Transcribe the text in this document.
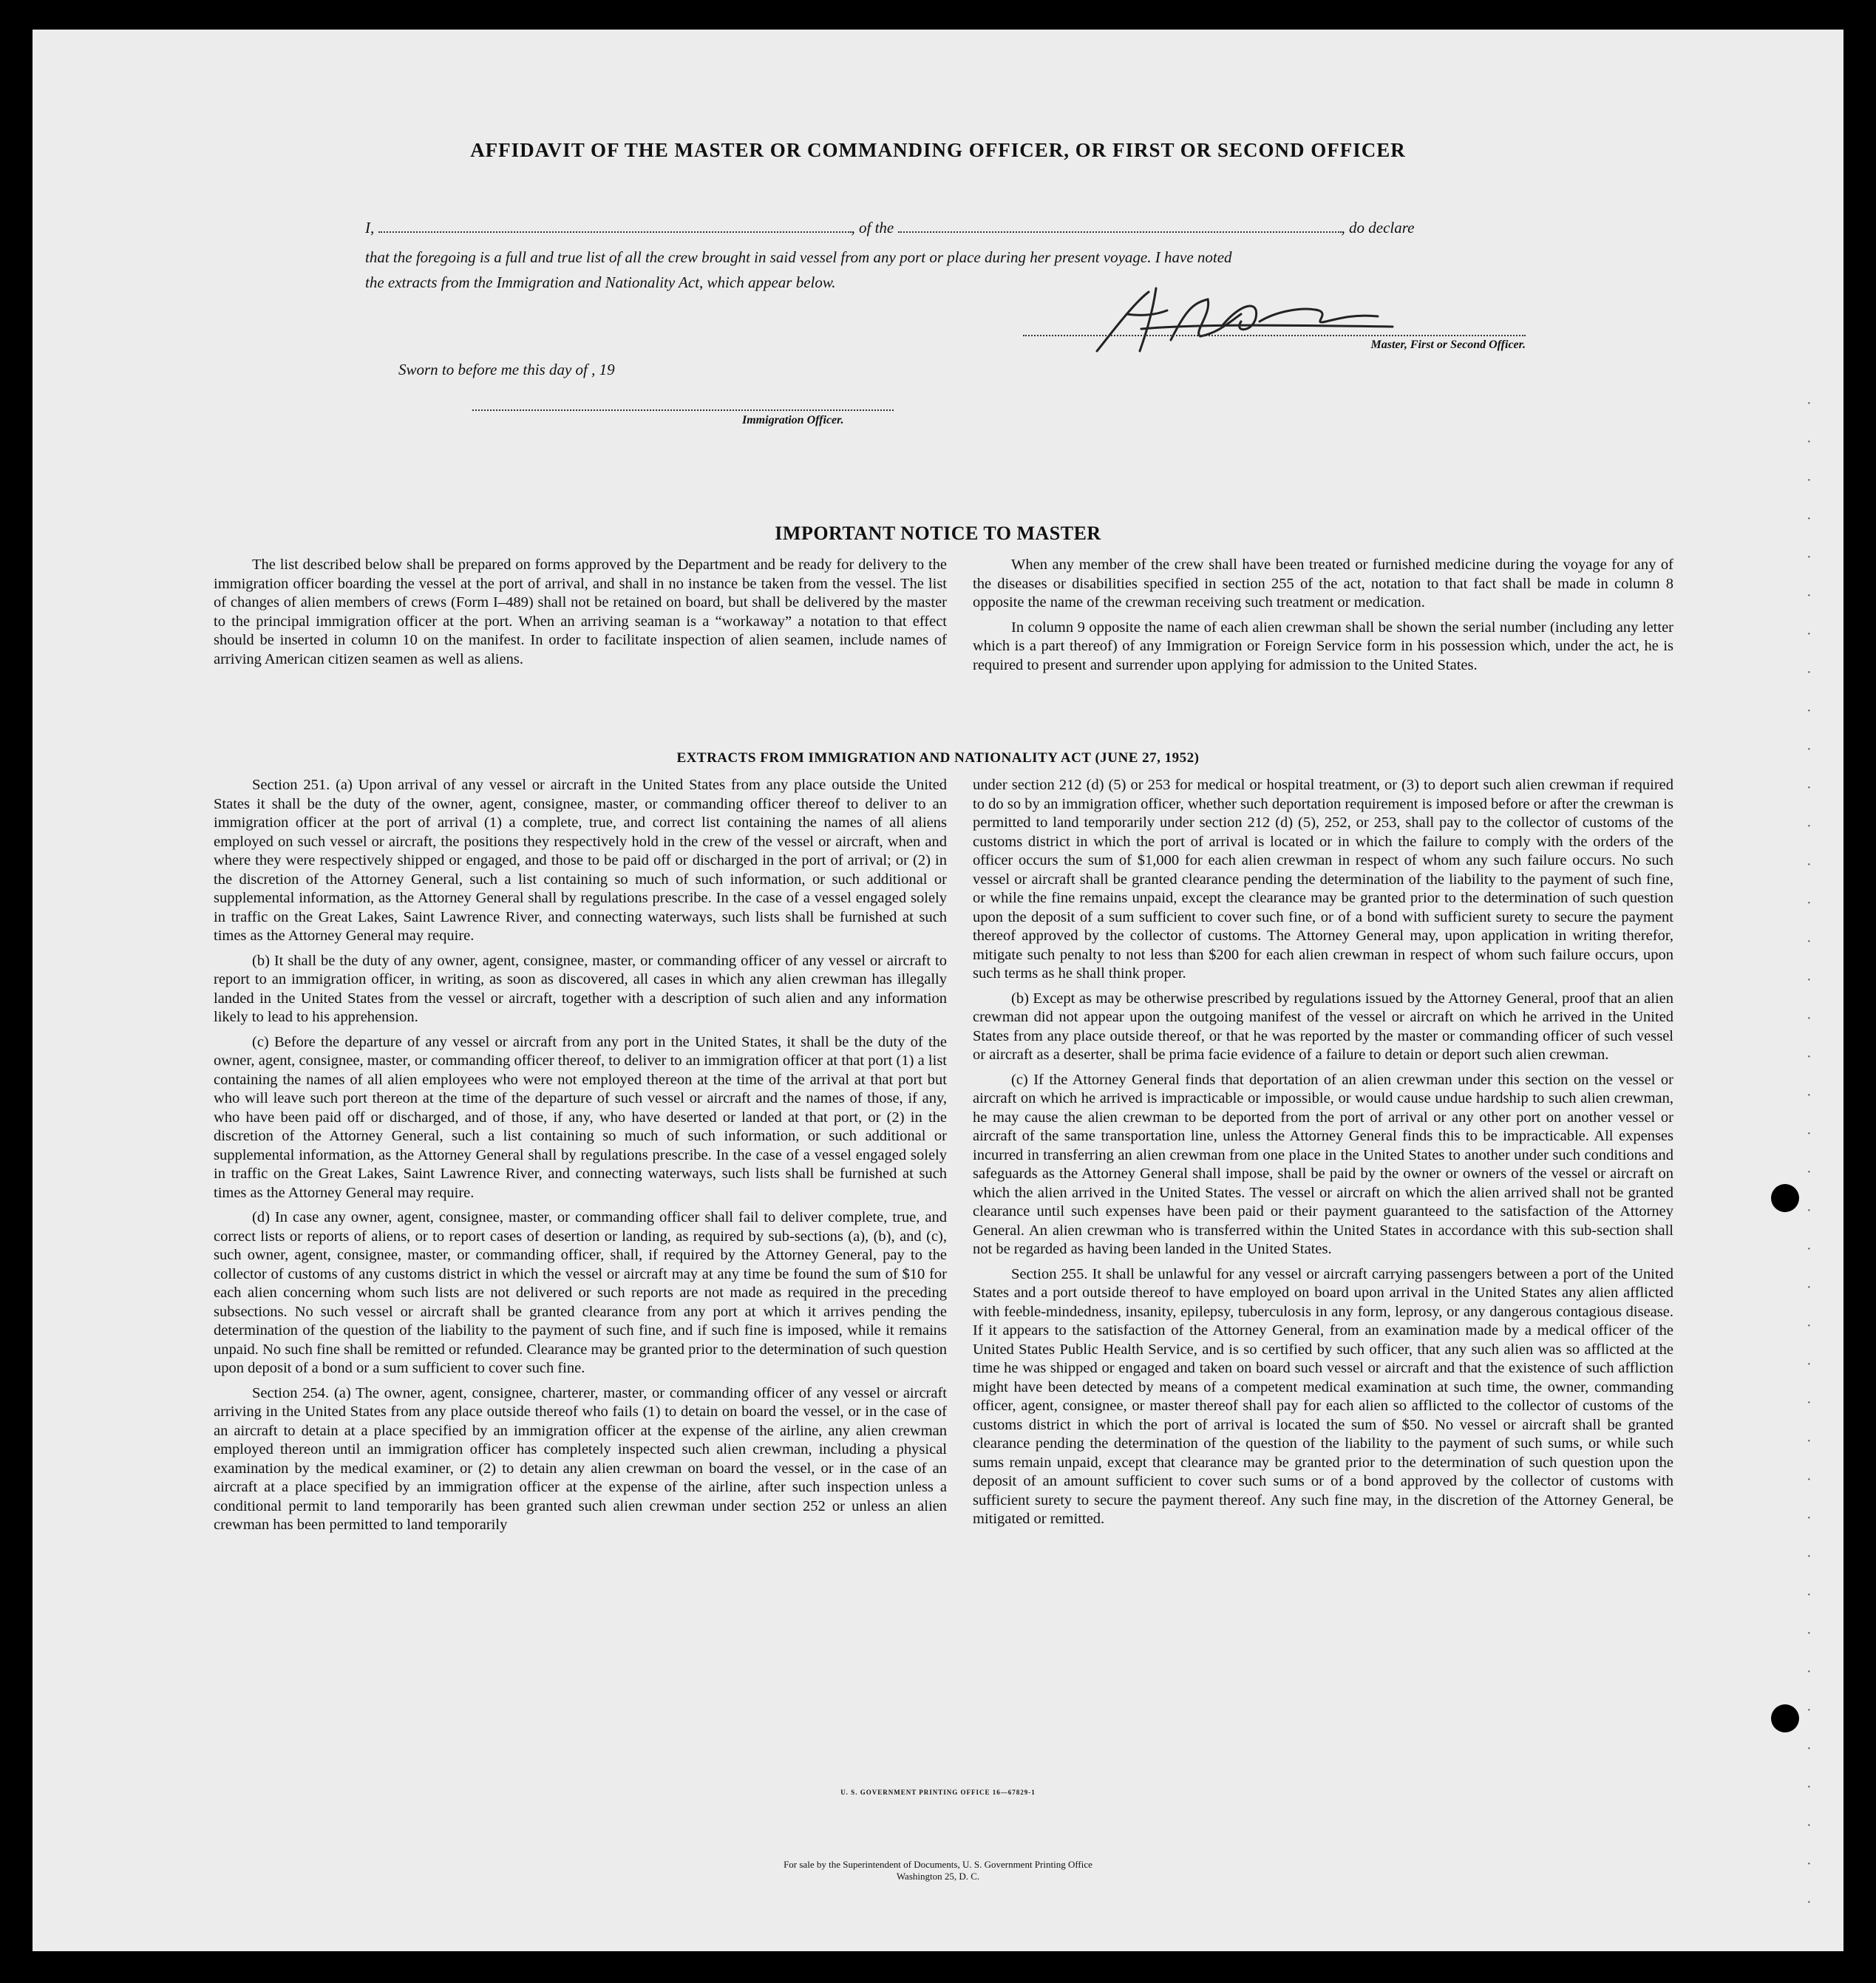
AFFIDAVIT OF THE MASTER OR COMMANDING OFFICER, OR FIRST OR SECOND OFFICER
I,	, of the	, do declare
that the foregoing is a full and true list of all the crew brought in said vessel from any port or place during her present voyage. I have noted
the extracts from the Immigration and Nationality Act, which appear below.
Master, First or Second Officer.
Sworn to before me this day of , 19
Immigration Officer.
IMPORTANT NOTICE TO MASTER

The list described below shall be prepared on forms approved by the Department and be ready for delivery to the immigration officer boarding the vessel at the port of arrival, and shall in no instance be taken from the vessel. The list of changes of alien members of crews (Form I–489) shall not be retained on board, but shall be delivered by the master to the principal immigration officer at the port. When an arriving seaman is a “workaway” a notation to that effect should be inserted in column 10 on the manifest. In order to facilitate inspection of alien seamen, include names of arriving American citizen seamen as well as aliens.

When any member of the crew shall have been treated or furnished medicine during the voyage for any of the diseases or disabilities specified in section 255 of the act, notation to that fact shall be made in column 8 opposite the name of the crewman receiving such treatment or medication.

In column 9 opposite the name of each alien crewman shall be shown the serial number (including any letter which is a part thereof) of any Immigration or Foreign Service form in his possession which, under the act, he is required to present and surrender upon applying for admission to the United States.

EXTRACTS FROM IMMIGRATION AND NATIONALITY ACT (JUNE 27, 1952)

Section 251. (a) Upon arrival of any vessel or aircraft in the United States from any place outside the United States it shall be the duty of the owner, agent, consignee, master, or commanding officer thereof to deliver to an immigration officer at the port of arrival (1) a complete, true, and correct list containing the names of all aliens employed on such vessel or aircraft, the positions they respectively hold in the crew of the vessel or aircraft, when and where they were respectively shipped or engaged, and those to be paid off or discharged in the port of arrival; or (2) in the discretion of the Attorney General, such a list containing so much of such information, or such additional or supplemental information, as the Attorney General shall by regulations prescribe. In the case of a vessel engaged solely in traffic on the Great Lakes, Saint Lawrence River, and connecting waterways, such lists shall be furnished at such times as the Attorney General may require.

(b) It shall be the duty of any owner, agent, consignee, master, or commanding officer of any vessel or aircraft to report to an immigration officer, in writing, as soon as discovered, all cases in which any alien crewman has illegally landed in the United States from the vessel or aircraft, together with a description of such alien and any information likely to lead to his apprehension.

(c) Before the departure of any vessel or aircraft from any port in the United States, it shall be the duty of the owner, agent, consignee, master, or commanding officer thereof, to deliver to an immigration officer at that port (1) a list containing the names of all alien employees who were not employed thereon at the time of the arrival at that port but who will leave such port thereon at the time of the departure of such vessel or aircraft and the names of those, if any, who have been paid off or discharged, and of those, if any, who have deserted or landed at that port, or (2) in the discretion of the Attorney General, such a list containing so much of such information, or such additional or supplemental information, as the Attorney General shall by regulations prescribe. In the case of a vessel engaged solely in traffic on the Great Lakes, Saint Lawrence River, and connecting waterways, such lists shall be furnished at such times as the Attorney General may require.

(d) In case any owner, agent, consignee, master, or commanding officer shall fail to deliver complete, true, and correct lists or reports of aliens, or to report cases of desertion or landing, as required by sub-sections (a), (b), and (c), such owner, agent, consignee, master, or commanding officer, shall, if required by the Attorney General, pay to the collector of customs of any customs district in which the vessel or aircraft may at any time be found the sum of $10 for each alien concerning whom such lists are not delivered or such reports are not made as required in the preceding subsections. No such vessel or aircraft shall be granted clearance from any port at which it arrives pending the determination of the question of the liability to the payment of such fine, and if such fine is imposed, while it remains unpaid. No such fine shall be remitted or refunded. Clearance may be granted prior to the determination of such question upon deposit of a bond or a sum sufficient to cover such fine.

Section 254. (a) The owner, agent, consignee, charterer, master, or commanding officer of any vessel or aircraft arriving in the United States from any place outside thereof who fails (1) to detain on board the vessel, or in the case of an aircraft to detain at a place specified by an immigration officer at the expense of the airline, any alien crewman employed thereon until an immigration officer has completely inspected such alien crewman, including a physical examination by the medical examiner, or (2) to detain any alien crewman on board the vessel, or in the case of an aircraft at a place specified by an immigration officer at the expense of the airline, after such inspection unless a conditional permit to land temporarily has been granted such alien crewman under section 252 or unless an alien crewman has been permitted to land temporarily

under section 212 (d) (5) or 253 for medical or hospital treatment, or (3) to deport such alien crewman if required to do so by an immigration officer, whether such deportation requirement is imposed before or after the crewman is permitted to land temporarily under section 212 (d) (5), 252, or 253, shall pay to the collector of customs of the customs district in which the port of arrival is located or in which the failure to comply with the orders of the officer occurs the sum of $1,000 for each alien crewman in respect of whom any such failure occurs. No such vessel or aircraft shall be granted clearance pending the determination of the liability to the payment of such fine, or while the fine remains unpaid, except the clearance may be granted prior to the determination of such question upon the deposit of a sum sufficient to cover such fine, or of a bond with sufficient surety to secure the payment thereof approved by the collector of customs. The Attorney General may, upon application in writing therefor, mitigate such penalty to not less than $200 for each alien crewman in respect of whom such failure occurs, upon such terms as he shall think proper.

(b) Except as may be otherwise prescribed by regulations issued by the Attorney General, proof that an alien crewman did not appear upon the outgoing manifest of the vessel or aircraft on which he arrived in the United States from any place outside thereof, or that he was reported by the master or commanding officer of such vessel or aircraft as a deserter, shall be prima facie evidence of a failure to detain or deport such alien crewman.

(c) If the Attorney General finds that deportation of an alien crewman under this section on the vessel or aircraft on which he arrived is impracticable or impossible, or would cause undue hardship to such alien crewman, he may cause the alien crewman to be deported from the port of arrival or any other port on another vessel or aircraft of the same transportation line, unless the Attorney General finds this to be impracticable. All expenses incurred in transferring an alien crewman from one place in the United States to another under such conditions and safeguards as the Attorney General shall impose, shall be paid by the owner or owners of the vessel or aircraft on which the alien arrived in the United States. The vessel or aircraft on which the alien arrived shall not be granted clearance until such expenses have been paid or their payment guaranteed to the satisfaction of the Attorney General. An alien crewman who is transferred within the United States in accordance with this sub-section shall not be regarded as having been landed in the United States.

Section 255. It shall be unlawful for any vessel or aircraft carrying passengers between a port of the United States and a port outside thereof to have employed on board upon arrival in the United States any alien afflicted with feeble-mindedness, insanity, epilepsy, tuberculosis in any form, leprosy, or any dangerous contagious disease. If it appears to the satisfaction of the Attorney General, from an examination made by a medical officer of the United States Public Health Service, and is so certified by such officer, that any such alien was so afflicted at the time he was shipped or engaged and taken on board such vessel or aircraft and that the existence of such affliction might have been detected by means of a competent medical examination at such time, the owner, commanding officer, agent, consignee, or master thereof shall pay for each alien so afflicted to the collector of customs of the customs district in which the port of arrival is located the sum of $50. No vessel or aircraft shall be granted clearance pending the determination of the question of the liability to the payment of such sums, or while such sums remain unpaid, except that clearance may be granted prior to the determination of such question upon the deposit of an amount sufficient to cover such sums or of a bond approved by the collector of customs with sufficient surety to secure the payment thereof. Any such fine may, in the discretion of the Attorney General, be mitigated or remitted.

U. S. GOVERNMENT PRINTING OFFICE 16—67829-1
For sale by the Superintendent of Documents, U. S. Government Printing Office
Washington 25, D. C.
·
·
·
·
·
·
·
·
·
·
·
·
·
·
·
·
·
·
·
·
·
·
·
·
·
·
·
·
·
·
·
·
·
·
·
·
·
·
·
·
